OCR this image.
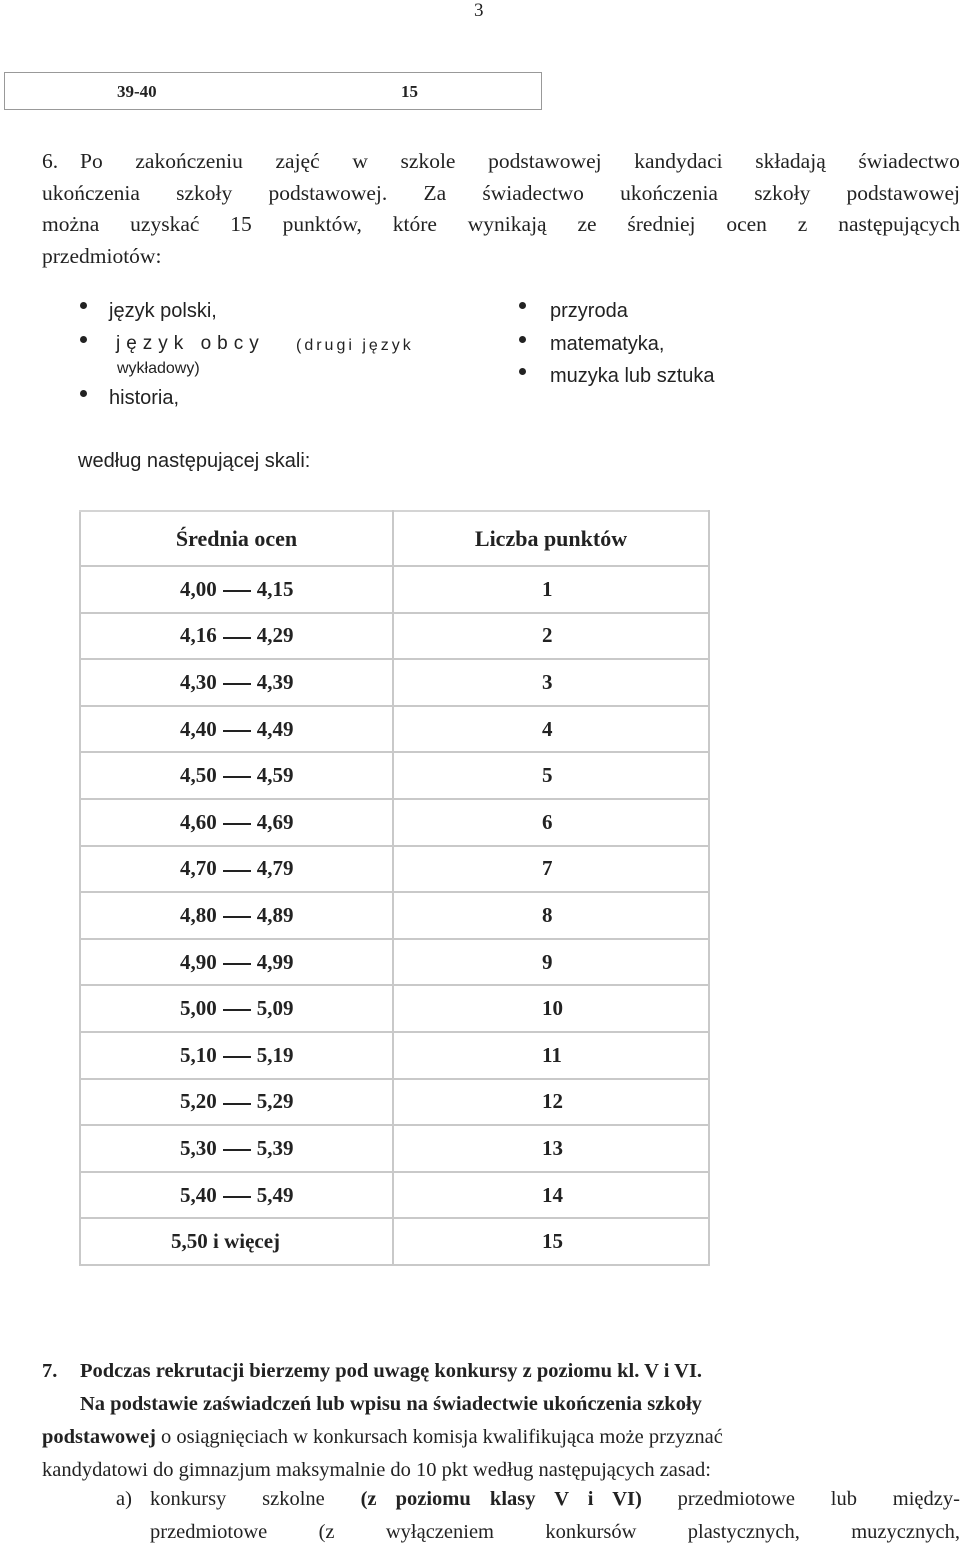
3
39-40	15
6. Po zakończeniu zajęć w szkole podstawowej kandydaci składają świadectwo
ukończenia szkoły podstawowej. Za świadectwo ukończenia szkoły podstawowej
można uzyskać 15 punktów, które wynikają ze średniej ocen z następujących
przedmiotów:
język polski,
język obcy (drugi język
wykładowy)
historia,
przyroda
matematyka,
muzyka lub sztuka
według następującej skali:
Średnia ocen	Liczba punktów
4,00 4,15	1
4,16 4,29	2
4,30 4,39	3
4,40 4,49	4
4,50 4,59	5
4,60 4,69	6
4,70 4,79	7
4,80 4,89	8
4,90 4,99	9
5,00 5,09	10
5,10 5,19	11
5,20 5,29	12
5,30 5,39	13
5,40 5,49	14
5,50 i więcej	15
7. Podczas rekrutacji bierzemy pod uwagę konkursy z poziomu kl. V i VI.
Na podstawie zaświadczeń lub wpisu na świadectwie ukończenia szkoły
podstawowej o osiągnięciach w konkursach komisja kwalifikująca może przyznać
kandydatowi do gimnazjum maksymalnie do 10 pkt według następujących zasad:
a) konkursy szkolne (z poziomu klasy V i VI) przedmiotowe lub między-
przedmiotowe	(z	wyłączeniem	konkursów	plastycznych,	muzycznych,
